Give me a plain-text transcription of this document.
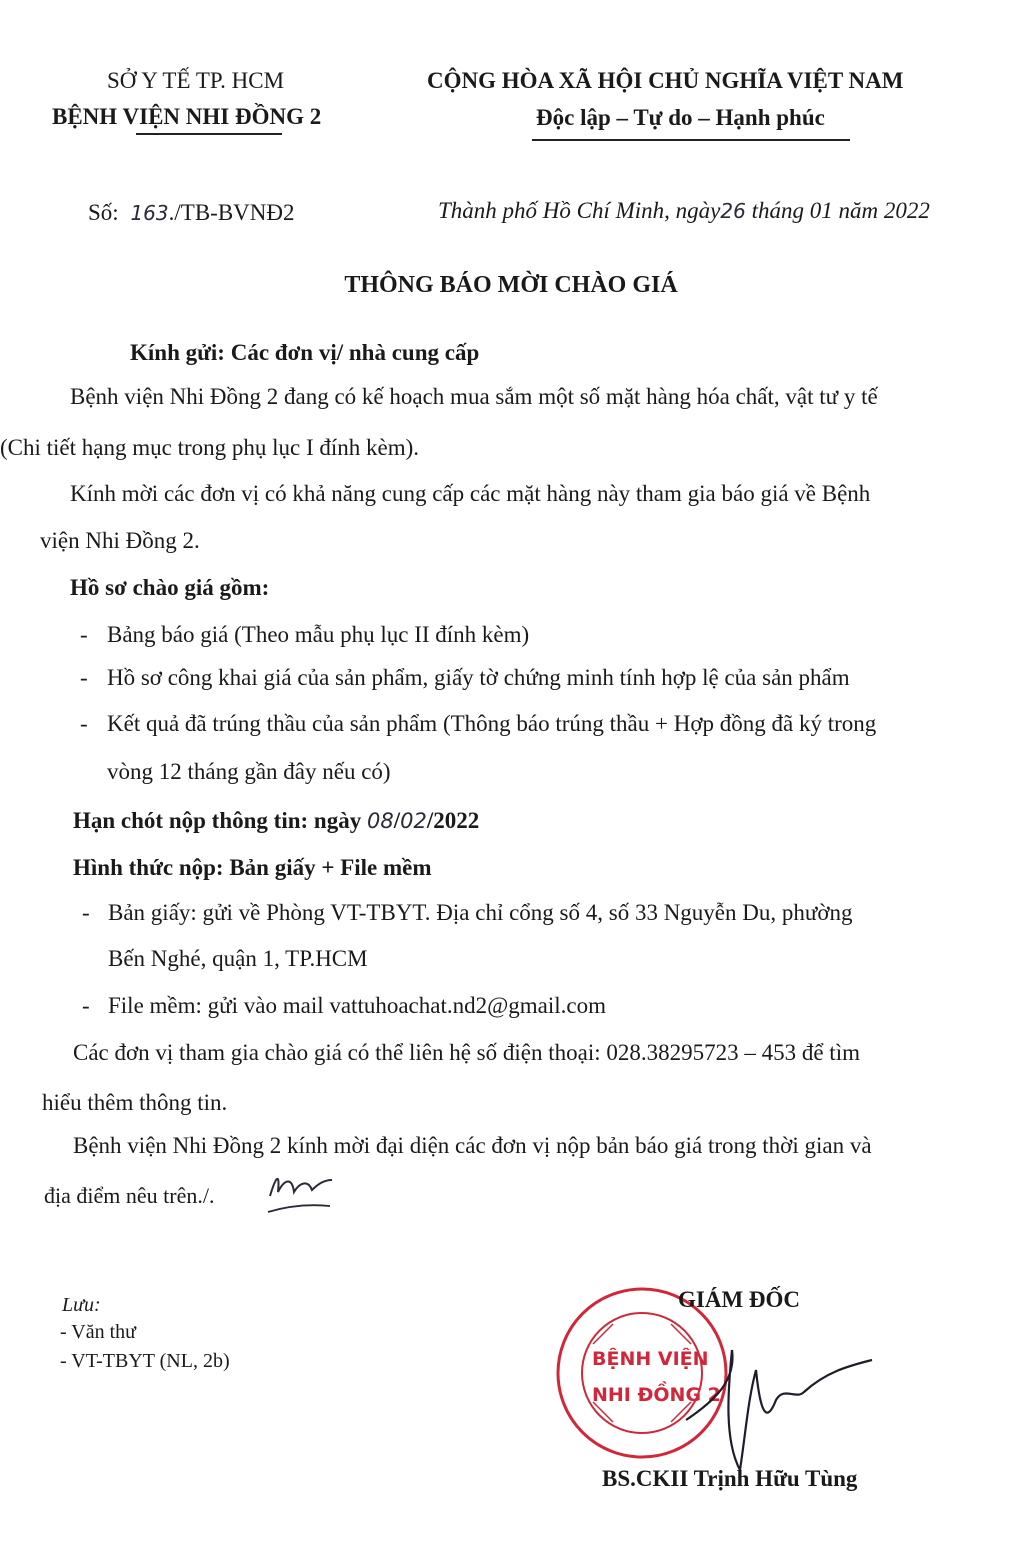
SỞ Y TẾ TP. HCM
BỆNH VIỆN NHI ĐỒNG 2
CỘNG HÒA XÃ HỘI CHỦ NGHĨA VIỆT NAM
Độc lập – Tự do – Hạnh phúc
Số: 163./TB-BVNĐ2	Thành phố Hồ Chí Minh, ngày26 tháng 01 năm 2022
THÔNG BÁO MỜI CHÀO GIÁ
Kính gửi: Các đơn vị/ nhà cung cấp
Bệnh viện Nhi Đồng 2 đang có kế hoạch mua sắm một số mặt hàng hóa chất, vật tư y tế
(Chi tiết hạng mục trong phụ lục I đính kèm).
Kính mời các đơn vị có khả năng cung cấp các mặt hàng này tham gia báo giá về Bệnh
viện Nhi Đồng 2.
Hồ sơ chào giá gồm:
- Bảng báo giá (Theo mẫu phụ lục II đính kèm)
- Hồ sơ công khai giá của sản phẩm, giấy tờ chứng minh tính hợp lệ của sản phẩm
- Kết quả đã trúng thầu của sản phẩm (Thông báo trúng thầu + Hợp đồng đã ký trong
vòng 12 tháng gần đây nếu có)
Hạn chót nộp thông tin: ngày 08/02/2022
Hình thức nộp: Bản giấy + File mềm
- Bản giấy: gửi về Phòng VT-TBYT. Địa chỉ cổng số 4, số 33 Nguyễn Du, phường
Bến Nghé, quận 1, TP.HCM
- File mềm: gửi vào mail vattuhoachat.nd2@gmail.com
Các đơn vị tham gia chào giá có thể liên hệ số điện thoại: 028.38295723 – 453 để tìm
hiểu thêm thông tin.
Bệnh viện Nhi Đồng 2 kính mời đại diện các đơn vị nộp bản báo giá trong thời gian và
địa điểm nêu trên./.
Lưu:
- Văn thư
- VT-TBYT (NL, 2b)	BỆNH VIỆN
NHI ĐỒNG 2
GIÁM ĐỐC
BS.CKII Trịnh Hữu Tùng
